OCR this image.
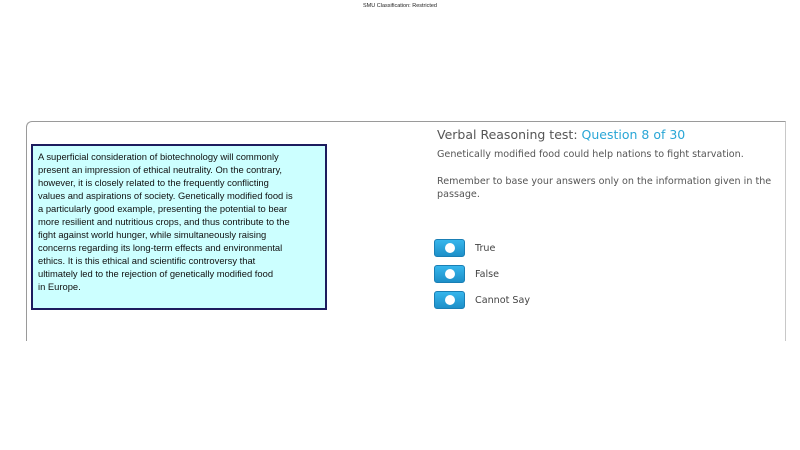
SMU Classification: Restricted
A superficial consideration of biotechnology will commonly
present an impression of ethical neutrality. On the contrary,
however, it is closely related to the frequently conflicting
values and aspirations of society. Genetically modified food is
a particularly good example, presenting the potential to bear
more resilient and nutritious crops, and thus contribute to the
fight against world hunger, while simultaneously raising
concerns regarding its long-term effects and environmental
ethics. It is this ethical and scientific controversy that
ultimately led to the rejection of genetically modified food
in Europe.
Verbal Reasoning test: Question 8 of 30
Genetically modified food could help nations to fight starvation.
Remember to base your answers only on the information given in the passage.
True
False
Cannot Say
